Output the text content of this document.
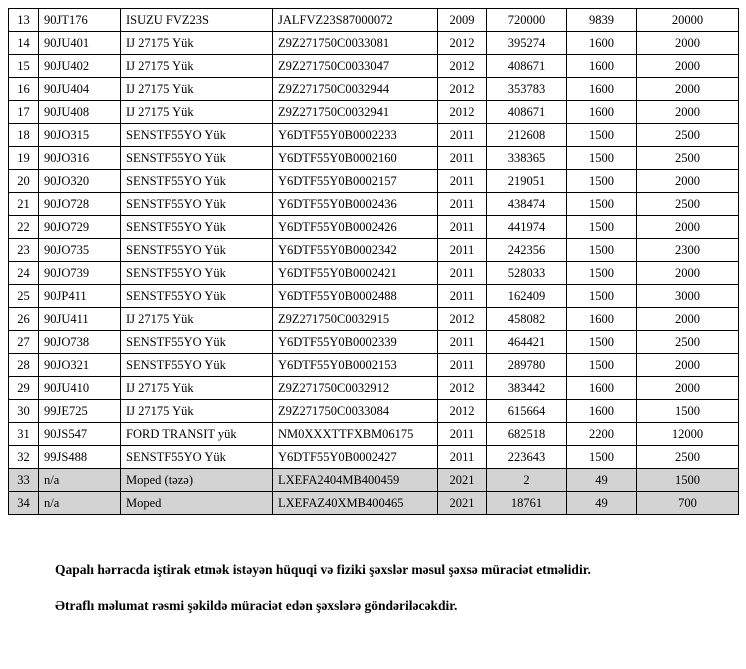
13	90JT176	ISUZU FVZ23S	JALFVZ23S87000072	2009	720000	9839	20000
14	90JU401	IJ 27175 Yük	Z9Z271750C0033081	2012	395274	1600	2000
15	90JU402	IJ 27175 Yük	Z9Z271750C0033047	2012	408671	1600	2000
16	90JU404	IJ 27175 Yük	Z9Z271750C0032944	2012	353783	1600	2000
17	90JU408	IJ 27175 Yük	Z9Z271750C0032941	2012	408671	1600	2000
18	90JO315	SENSTF55YO Yük	Y6DTF55Y0B0002233	2011	212608	1500	2500
19	90JO316	SENSTF55YO Yük	Y6DTF55Y0B0002160	2011	338365	1500	2500
20	90JO320	SENSTF55YO Yük	Y6DTF55Y0B0002157	2011	219051	1500	2000
21	90JO728	SENSTF55YO Yük	Y6DTF55Y0B0002436	2011	438474	1500	2500
22	90JO729	SENSTF55YO Yük	Y6DTF55Y0B0002426	2011	441974	1500	2000
23	90JO735	SENSTF55YO Yük	Y6DTF55Y0B0002342	2011	242356	1500	2300
24	90JO739	SENSTF55YO Yük	Y6DTF55Y0B0002421	2011	528033	1500	2000
25	90JP411	SENSTF55YO Yük	Y6DTF55Y0B0002488	2011	162409	1500	3000
26	90JU411	IJ 27175 Yük	Z9Z271750C0032915	2012	458082	1600	2000
27	90JO738	SENSTF55YO Yük	Y6DTF55Y0B0002339	2011	464421	1500	2500
28	90JO321	SENSTF55YO Yük	Y6DTF55Y0B0002153	2011	289780	1500	2000
29	90JU410	IJ 27175 Yük	Z9Z271750C0032912	2012	383442	1600	2000
30	99JE725	IJ 27175 Yük	Z9Z271750C0033084	2012	615664	1600	1500
31	90JS547	FORD TRANSIT yük	NM0XXXTTFXBM06175	2011	682518	2200	12000
32	99JS488	SENSTF55YO Yük	Y6DTF55Y0B0002427	2011	223643	1500	2500
33	n/a	Moped (təzə)	LXEFA2404MB400459	2021	2	49	1500
34	n/a	Moped	LXEFAZ40XMB400465	2021	18761	49	700

Qapalı hərracda iştirak etmək istəyən hüquqi və fiziki şəxslər məsul şəxsə müraciət etməlidir.

Ətraflı məlumat rəsmi şəkildə müraciət edən şəxslərə göndəriləcəkdir.
